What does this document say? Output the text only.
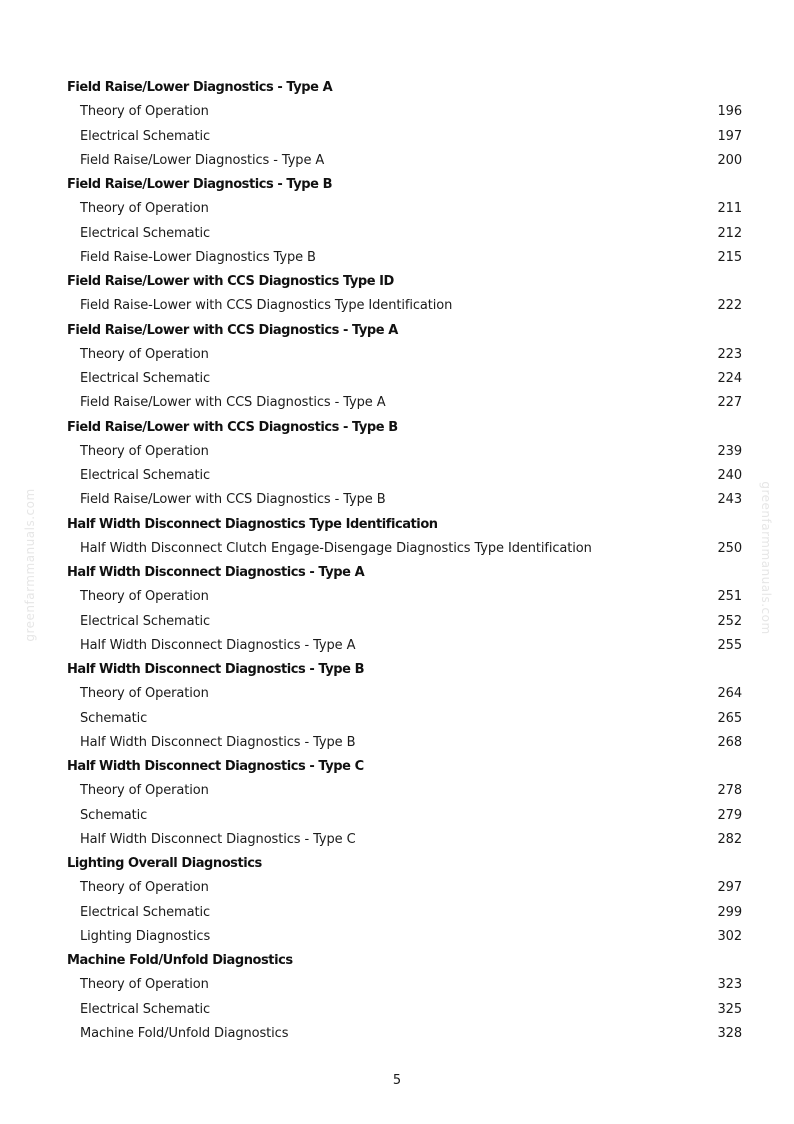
greenfarmmanuals.com	greenfarmmanuals.com
Field Raise/Lower Diagnostics - Type A
Theory of Operation	196
Electrical Schematic	197
Field Raise/Lower Diagnostics - Type A	200
Field Raise/Lower Diagnostics - Type B
Theory of Operation	211
Electrical Schematic	212
Field Raise-Lower Diagnostics Type B	215
Field Raise/Lower with CCS Diagnostics Type ID
Field Raise-Lower with CCS Diagnostics Type Identification	222
Field Raise/Lower with CCS Diagnostics - Type A
Theory of Operation	223
Electrical Schematic	224
Field Raise/Lower with CCS Diagnostics - Type A	227
Field Raise/Lower with CCS Diagnostics - Type B
Theory of Operation	239
Electrical Schematic	240
Field Raise/Lower with CCS Diagnostics - Type B	243
Half Width Disconnect Diagnostics Type Identification
Half Width Disconnect Clutch Engage-Disengage Diagnostics Type Identification	250
Half Width Disconnect Diagnostics - Type A
Theory of Operation	251
Electrical Schematic	252
Half Width Disconnect Diagnostics - Type A	255
Half Width Disconnect Diagnostics - Type B
Theory of Operation	264
Schematic	265
Half Width Disconnect Diagnostics - Type B	268
Half Width Disconnect Diagnostics - Type C
Theory of Operation	278
Schematic	279
Half Width Disconnect Diagnostics - Type C	282
Lighting Overall Diagnostics
Theory of Operation	297
Electrical Schematic	299
Lighting Diagnostics	302
Machine Fold/Unfold Diagnostics
Theory of Operation	323
Electrical Schematic	325
Machine Fold/Unfold Diagnostics	328
5
